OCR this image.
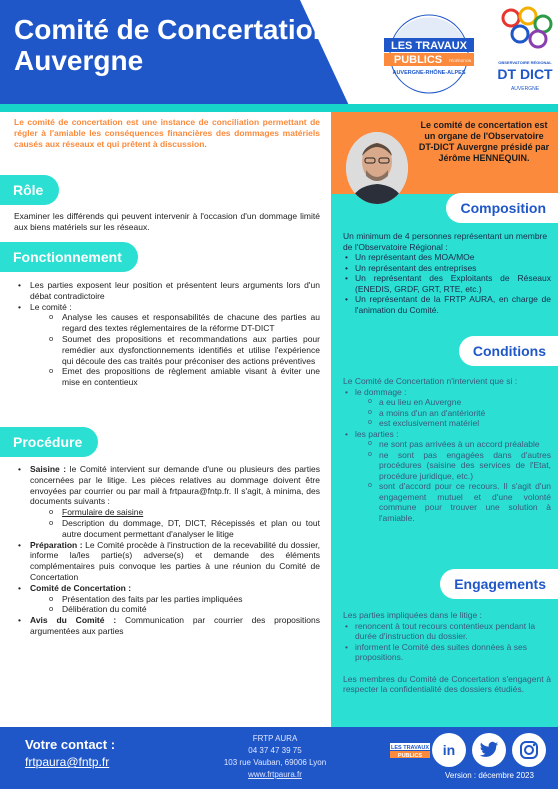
Comité de Concertation
Auvergne	LES TRAVAUX
PUBLICS FÉDÉRATION
AUVERGNE-RHÔNE-ALPES
OBSERVATOIRE RÉGIONAL
DT DICT
AUVERGNE
Le comité de concertation est un organe de l'Observatoire DT-DICT Auvergne présidé par Jérôme HENNEQUIN.
Le comité de concertation est une instance de conciliation permettant de régler à l'amiable les conséquences financières des dommages matériels causés aux réseaux et qui prêtent à discussion.
Rôle
Examiner les différends qui peuvent intervenir à l'occasion d'un dommage limité aux biens matériels sur les réseaux.
Fonctionnement
• Les parties exposent leur position et présentent leurs arguments lors d'un débat contradictoire
• Le comité :
o Analyse les causes et responsabilités de chacune des parties au regard des textes réglementaires de la réforme DT-DICT
o Soumet des propositions et recommandations aux parties pour remédier aux dysfonctionnements identifiés et utilise l'expérience qui découle des cas traités pour préconiser des actions préventives
o Emet des propositions de règlement amiable visant à éviter une mise en contentieux
Procédure
• Saisine : le Comité intervient sur demande d'une ou plusieurs des parties concernées par le litige. Les pièces relatives au dommage doivent être envoyées par courrier ou par mail à frtpaura@fntp.fr. Il s'agit, à minima, des documents suivants :
o Formulaire de saisine
o Description du dommage, DT, DICT, Récepissés et plan ou tout autre document permettant d'analyser le litige
• Préparation : Le Comité procède à l'instruction de la recevabilité du dossier, informe la/les partie(s) adverse(s) et demande des éléments complémentaires puis convoque les parties à une réunion du Comité de Concertation
• Comité de Concertation :
o Présentation des faits par les parties impliquées
o Délibération du comité
• Avis du Comité : Communication par courrier des propositions argumentées aux parties
Composition
Un minimum de 4 personnes représentant un membre de l'Observatoire Régional :
• Un représentant des MOA/MOe
• Un représentant des entreprises
• Un représentant des Exploitants de Réseaux (ENEDIS, GRDF, GRT, RTE, etc.)
• Un représentant de la FRTP AURA, en charge de l'animation du Comité.
Conditions
Le Comité de Concertation n'intervient que si :
• le dommage :
o a eu lieu en Auvergne
o a moins d'un an d'antériorité
o est exclusivement matériel
• les parties :
o ne sont pas arrivées à un accord préalable
o ne sont pas engagées dans d'autres procédures (saisine des services de l'Etat, procédure juridique, etc.)
o sont d'accord pour ce recours. Il s'agit d'un engagement mutuel et d'une volonté commune pour trouver une solution à l'amiable.
Engagements
Les parties impliquées dans le litige :
• renoncent à tout recours contentieux pendant la durée d'instruction du dossier.
• informent le Comité des suites données à ses propositions.
Les membres du Comité de Concertation s'engagent à respecter la confidentialité des dossiers étudiés.
Votre contact :
frtpaura@fntp.fr
FRTP AURA
04 37 47 39 75
103 rue Vauban, 69006 Lyon
www.frtpaura.fr
LES TRAVAUX
PUBLICS in
Version : décembre 2023
